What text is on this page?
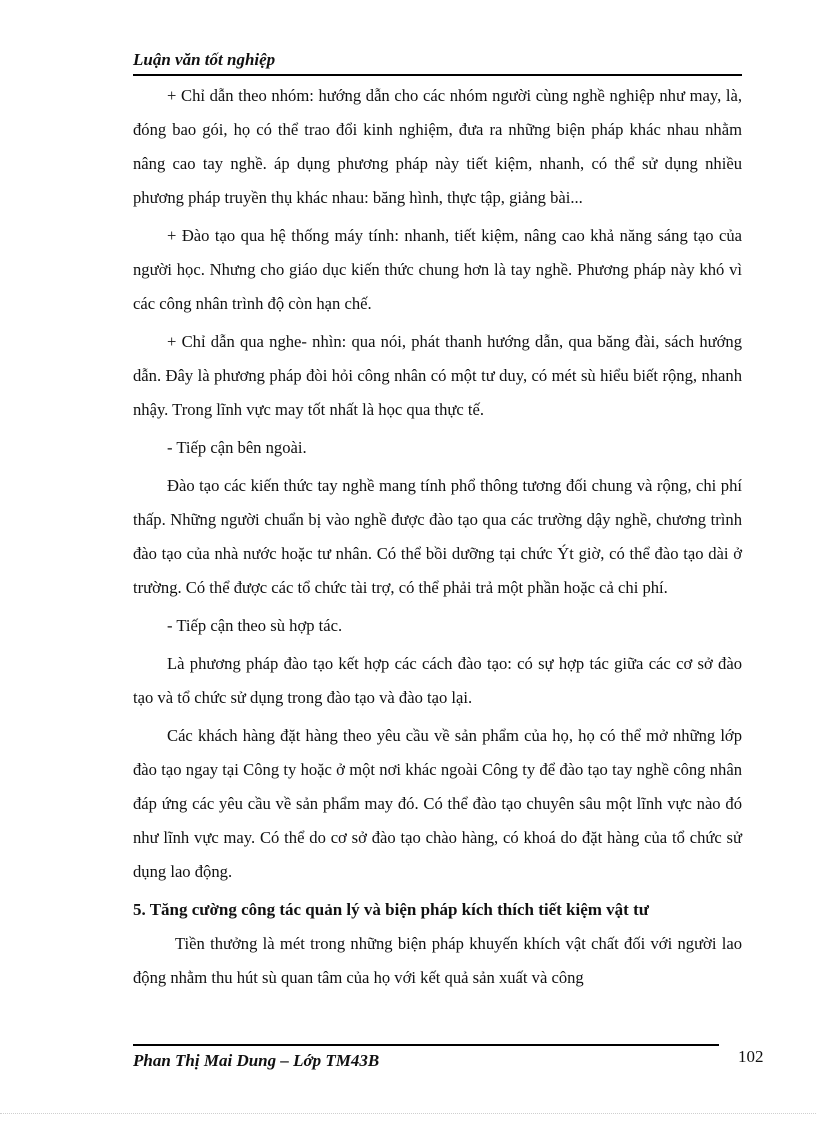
Luận văn tốt nghiệp

+ Chỉ dẫn theo nhóm: hướng dẫn cho các nhóm người cùng nghề nghiệp như may, là, đóng bao gói, họ có thể trao đổi kinh nghiệm, đưa ra những biện pháp khác nhau nhằm nâng cao tay nghề. áp dụng phương pháp này tiết kiệm, nhanh, có thể sử dụng nhiều phương pháp truyền thụ khác nhau: băng hình, thực tập, giảng bài...

+ Đào tạo qua hệ thống máy tính: nhanh, tiết kiệm, nâng cao khả năng sáng tạo của người học. Nhưng cho giáo dục kiến thức chung hơn là tay nghề. Phương pháp này khó vì các công nhân trình độ còn hạn chế.

+ Chỉ dẫn qua nghe- nhìn: qua nói, phát thanh hướng dẫn, qua băng đài, sách hướng dẫn. Đây là phương pháp đòi hỏi công nhân có một tư duy, có mét sù hiểu biết rộng, nhanh nhậy. Trong lĩnh vực may tốt nhất là học qua thực tế.

- Tiếp cận bên ngoài.

Đào tạo các kiến thức tay nghề mang tính phổ thông tương đối chung và rộng, chi phí thấp. Những người chuẩn bị vào nghề được đào tạo qua các trường dậy nghề, chương trình đào tạo của nhà nước hoặc tư nhân. Có thể bồi dưỡng tại chức Ýt giờ, có thể đào tạo dài ở trường. Có thể được các tổ chức tài trợ, có thể phải trả một phần hoặc cả chi phí.

- Tiếp cận theo sù hợp tác.

Là phương pháp đào tạo kết hợp các cách đào tạo: có sự hợp tác giữa các cơ sở đào tạo và tổ chức sử dụng trong đào tạo và đào tạo lại.

Các khách hàng đặt hàng theo yêu cầu về sản phẩm của họ, họ có thể mở những lớp đào tạo ngay tại Công ty hoặc ở một nơi khác ngoài Công ty để đào tạo tay nghề công nhân đáp ứng các yêu cầu về sản phẩm may đó. Có thể đào tạo chuyên sâu một lĩnh vực nào đó như lĩnh vực may. Có thể do cơ sở đào tạo chào hàng, có khoá do đặt hàng của tổ chức sử dụng lao động.

5. Tăng cường công tác quản lý và biện pháp kích thích tiết kiệm vật tư

Tiền thưởng là mét trong những biện pháp khuyến khích vật chất đối với người lao động nhằm thu hút sù quan tâm của họ với kết quả sản xuất và công

Phan Thị Mai Dung – Lớp TM43B	102
